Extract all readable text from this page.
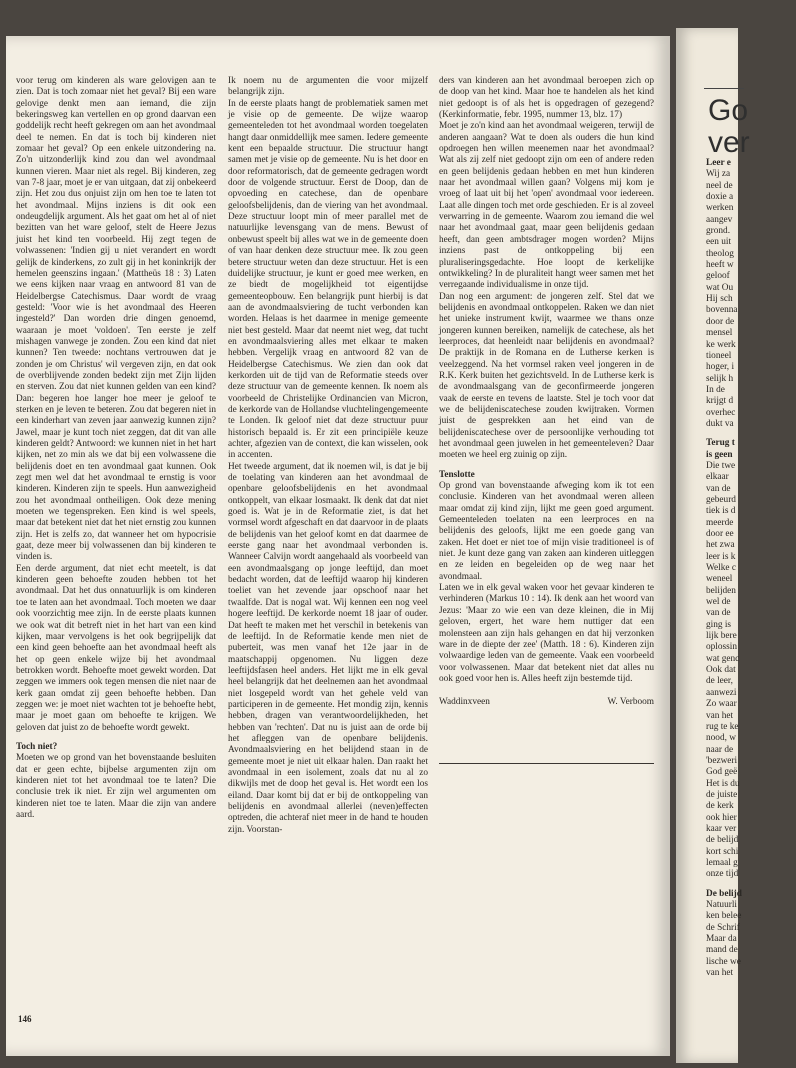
voor terug om kinderen als ware gelovigen aan te zien. Dat is toch zomaar niet het geval? Bij een ware gelovige denkt men aan iemand, die zijn bekeringsweg kan vertellen en op grond daarvan een goddelijk recht heeft gekregen om aan het avondmaal deel te nemen. En dat is toch bij kinderen niet zomaar het geval? Op een enkele uitzondering na. Zo'n uitzonderlijk kind zou dan wel avondmaal kunnen vieren. Maar niet als regel. Bij kinderen, zeg van 7-8 jaar, moet je er van uitgaan, dat zij onbekeerd zijn. Het zou dus onjuist zijn om hen toe te laten tot het avondmaal. Mijns inziens is dit ook een ondeugdelijk argument. Als het gaat om het al of niet bezitten van het ware geloof, stelt de Heere Jezus juist het kind ten voorbeeld. Hij zegt tegen de volwassenen: 'Indien gij u niet verandert en wordt gelijk de kinderkens, zo zult gij in het koninkrijk der hemelen geenszins ingaan.' (Mattheüs 18 : 3) Laten we eens kijken naar vraag en antwoord 81 van de Heidelbergse Catechismus. Daar wordt de vraag gesteld: 'Voor wie is het avondmaal des Heeren ingesteld?' Dan worden drie dingen genoemd, waaraan je moet 'voldoen'. Ten eerste je zelf mishagen vanwege je zonden. Zou een kind dat niet kunnen? Ten tweede: nochtans vertrouwen dat je zonden je om Christus' wil vergeven zijn, en dat ook de overblijvende zonden bedekt zijn met Zijn lijden en sterven. Zou dat niet kunnen gelden van een kind? Dan: begeren hoe langer hoe meer je geloof te sterken en je leven te beteren. Zou dat begeren niet in een kinderhart van zeven jaar aanwezig kunnen zijn? Jawel, maar je kunt toch niet zeggen, dat dit van alle kinderen geldt? Antwoord: we kunnen niet in het hart kijken, net zo min als we dat bij een volwassene die belijdenis doet en ten avondmaal gaat kunnen. Ook zegt men wel dat het avondmaal te ernstig is voor kinderen. Kinderen zijn te speels. Hun aanwezigheid zou het avondmaal ontheiligen. Ook deze mening moeten we tegenspreken. Een kind is wel speels, maar dat betekent niet dat het niet ernstig zou kunnen zijn. Het is zelfs zo, dat wanneer het om hypocrisie gaat, deze meer bij volwassenen dan bij kinderen te vinden is.

Een derde argument, dat niet echt meetelt, is dat kinderen geen behoefte zouden hebben tot het avondmaal. Dat het dus onnatuurlijk is om kinderen toe te laten aan het avondmaal. Toch moeten we daar ook voorzichtig mee zijn. In de eerste plaats kunnen we ook wat dit betreft niet in het hart van een kind kijken, maar vervolgens is het ook begrijpelijk dat een kind geen behoefte aan het avondmaal heeft als het op geen enkele wijze bij het avondmaal betrokken wordt. Behoefte moet gewekt worden. Dat zeggen we immers ook tegen mensen die niet naar de kerk gaan omdat zij geen behoefte hebben. Dan zeggen we: je moet niet wachten tot je behoefte hebt, maar je moet gaan om behoefte te krijgen. We geloven dat juist zo de behoefte wordt gewekt.

Toch niet?

Moeten we op grond van het bovenstaande besluiten dat er geen echte, bijbelse argumenten zijn om kinderen niet tot het avondmaal toe te laten? Die conclusie trek ik niet. Er zijn wel argumenten om kinderen niet toe te laten. Maar die zijn van andere aard.

Ik noem nu de argumenten die voor mijzelf belangrijk zijn.

In de eerste plaats hangt de problematiek samen met je visie op de gemeente. De wijze waarop gemeenteleden tot het avondmaal worden toegelaten hangt daar onmiddellijk mee samen. Iedere gemeente kent een bepaalde structuur. Die structuur hangt samen met je visie op de gemeente. Nu is het door en door reformatorisch, dat de gemeente gedragen wordt door de volgende structuur. Eerst de Doop, dan de opvoeding en catechese, dan de openbare geloofsbelijdenis, dan de viering van het avondmaal. Deze structuur loopt min of meer parallel met de natuurlijke levensgang van de mens. Bewust of onbewust speelt bij alles wat we in de gemeente doen of van haar denken deze structuur mee. Ik zou geen betere structuur weten dan deze structuur. Het is een duidelijke structuur, je kunt er goed mee werken, en ze biedt de mogelijkheid tot eigentijdse gemeenteopbouw. Een belangrijk punt hierbij is dat aan de avondmaalsviering de tucht verbonden kan worden. Helaas is het daarmee in menige gemeente niet best gesteld. Maar dat neemt niet weg, dat tucht en avondmaalsviering alles met elkaar te maken hebben. Vergelijk vraag en antwoord 82 van de Heidelbergse Catechismus. We zien dan ook dat kerkorden uit de tijd van de Reformatie steeds over deze structuur van de gemeente kennen. Ik noem als voorbeeld de Christelijke Ordinancien van Micron, de kerkorde van de Hollandse vluchtelingengemeente te Londen. Ik geloof niet dat deze structuur puur historisch bepaald is. Er zit een principiële keuze achter, afgezien van de context, die kan wisselen, ook in accenten.

Het tweede argument, dat ik noemen wil, is dat je bij de toelating van kinderen aan het avondmaal de openbare geloofsbelijdenis en het avondmaal ontkoppelt, van elkaar losmaakt. Ik denk dat dat niet goed is. Wat je in de Reformatie ziet, is dat het vormsel wordt afgeschaft en dat daarvoor in de plaats de belijdenis van het geloof komt en dat daarmee de eerste gang naar het avondmaal verbonden is. Wanneer Calvijn wordt aangehaald als voorbeeld van een avondmaalsgang op jonge leeftijd, dan moet bedacht worden, dat de leeftijd waarop hij kinderen toeliet van het zevende jaar opschoof naar het twaalfde. Dat is nogal wat. Wij kennen een nog veel hogere leeftijd. De kerkorde noemt 18 jaar of ouder. Dat heeft te maken met het verschil in betekenis van de leeftijd. In de Reformatie kende men niet de puberteit, was men vanaf het 12e jaar in de maatschappij opgenomen. Nu liggen deze leeftijdsfasen heel anders. Het lijkt me in elk geval heel belangrijk dat het deelnemen aan het avondmaal niet losgepeld wordt van het gehele veld van participeren in de gemeente. Het mondig zijn, kennis hebben, dragen van verantwoordelijkheden, het hebben van 'rechten'. Dat nu is juist aan de orde bij het afleggen van de openbare belijdenis. Avondmaalsviering en het belijdend staan in de gemeente moet je niet uit elkaar halen. Dan raakt het avondmaal in een isolement, zoals dat nu al zo dikwijls met de doop het geval is. Het wordt een los eiland. Daar komt bij dat er bij de ontkoppeling van belijdenis en avondmaal allerlei (neven)effecten optreden, die achteraf niet meer in de hand te houden zijn. Voorstan-

ders van kinderen aan het avondmaal beroepen zich op de doop van het kind. Maar hoe te handelen als het kind niet gedoopt is of als het is opgedragen of gezegend? (Kerkinformatie, febr. 1995, nummer 13, blz. 17)

Moet je zo'n kind aan het avondmaal weigeren, terwijl de anderen aangaan? Wat te doen als ouders die hun kind opdroegen hen willen meenemen naar het avondmaal? Wat als zij zelf niet gedoopt zijn om een of andere reden en geen belijdenis gedaan hebben en met hun kinderen naar het avondmaal willen gaan? Volgens mij kom je vroeg of laat uit bij het 'open' avondmaal voor iedereen. Laat alle dingen toch met orde geschieden. Er is al zoveel verwarring in de gemeente. Waarom zou iemand die wel naar het avondmaal gaat, maar geen belijdenis gedaan heeft, dan geen ambtsdrager mogen worden? Mijns inziens past de ontkoppeling bij een pluraliseringsgedachte. Hoe loopt de kerkelijke ontwikkeling? In de pluraliteit hangt weer samen met het verregaande individualisme in onze tijd.

Dan nog een argument: de jongeren zelf. Stel dat we belijdenis en avondmaal ontkoppelen. Raken we dan niet het unieke instrument kwijt, waarmee we thans onze jongeren kunnen bereiken, namelijk de catechese, als het leerproces, dat heenleidt naar belijdenis en avondmaal? De praktijk in de Romana en de Lutherse kerken is veelzeggend. Na het vormsel raken veel jongeren in de R.K. Kerk buiten het gezichtsveld. In de Lutherse kerk is de avondmaalsgang van de geconfirmeerde jongeren vaak de eerste en tevens de laatste. Stel je toch voor dat we de belijdeniscatechese zouden kwijtraken. Vormen juist de gesprekken aan het eind van de belijdeniscatechese over de persoonlijke verhouding tot het avondmaal geen juwelen in het gemeenteleven? Daar moeten we heel erg zuinig op zijn.

Tenslotte

Op grond van bovenstaande afweging kom ik tot een conclusie. Kinderen van het avondmaal weren alleen maar omdat zij kind zijn, lijkt me geen goed argument. Gemeenteleden toelaten na een leerproces en na belijdenis des geloofs, lijkt me een goede gang van zaken. Het doet er niet toe of mijn visie traditioneel is of niet. Je kunt deze gang van zaken aan kinderen uitleggen en ze leiden en begeleiden op de weg naar het avondmaal.

Laten we in elk geval waken voor het gevaar kinderen te verhinderen (Markus 10 : 14). Ik denk aan het woord van Jezus: 'Maar zo wie een van deze kleinen, die in Mij geloven, ergert, het ware hem nuttiger dat een molensteen aan zijn hals gehangen en dat hij verzonken ware in de diepte der zee' (Matth. 18 : 6). Kinderen zijn volwaardige leden van de gemeente. Vaak een voorbeeld voor volwassenen. Maar dat betekent niet dat alles nu ook goed voor hen is. Alles heeft zijn bestemde tijd.

Waddinxveen	W. Verboom
146
Go
ver
Leer e
Wij za
neel de
doxie a
werken
aangev
grond.
een uit
theolog
heeft w
geloof
wat Ou
Hij sch
bovenna
door de
mensel
ke werk
tioneel
hoger, i
selijk h
In de
krijgt d
overhec
dukt va
Terug t
is geen
Die twe
elkaar
van de
gebeurd
tiek is d
meerde
door ee
het zwa
leer is k
Welke c
weneel
belijden
wel de
van de
ging is
lijk bere
oplossin
wat genc
Ook dat
de leer,
aanwezi
Zo waar
van het
rug te ke
nood, w
naar de
'bezweri
God geë
Het is du
de juiste
de kerk
ook hier
kaar ver
de belijd
kort schi
lemaal g
onze tijd
De belijd
Natuurli
ken belee
de Schrif
Maar da
mand de
lische we
van het
